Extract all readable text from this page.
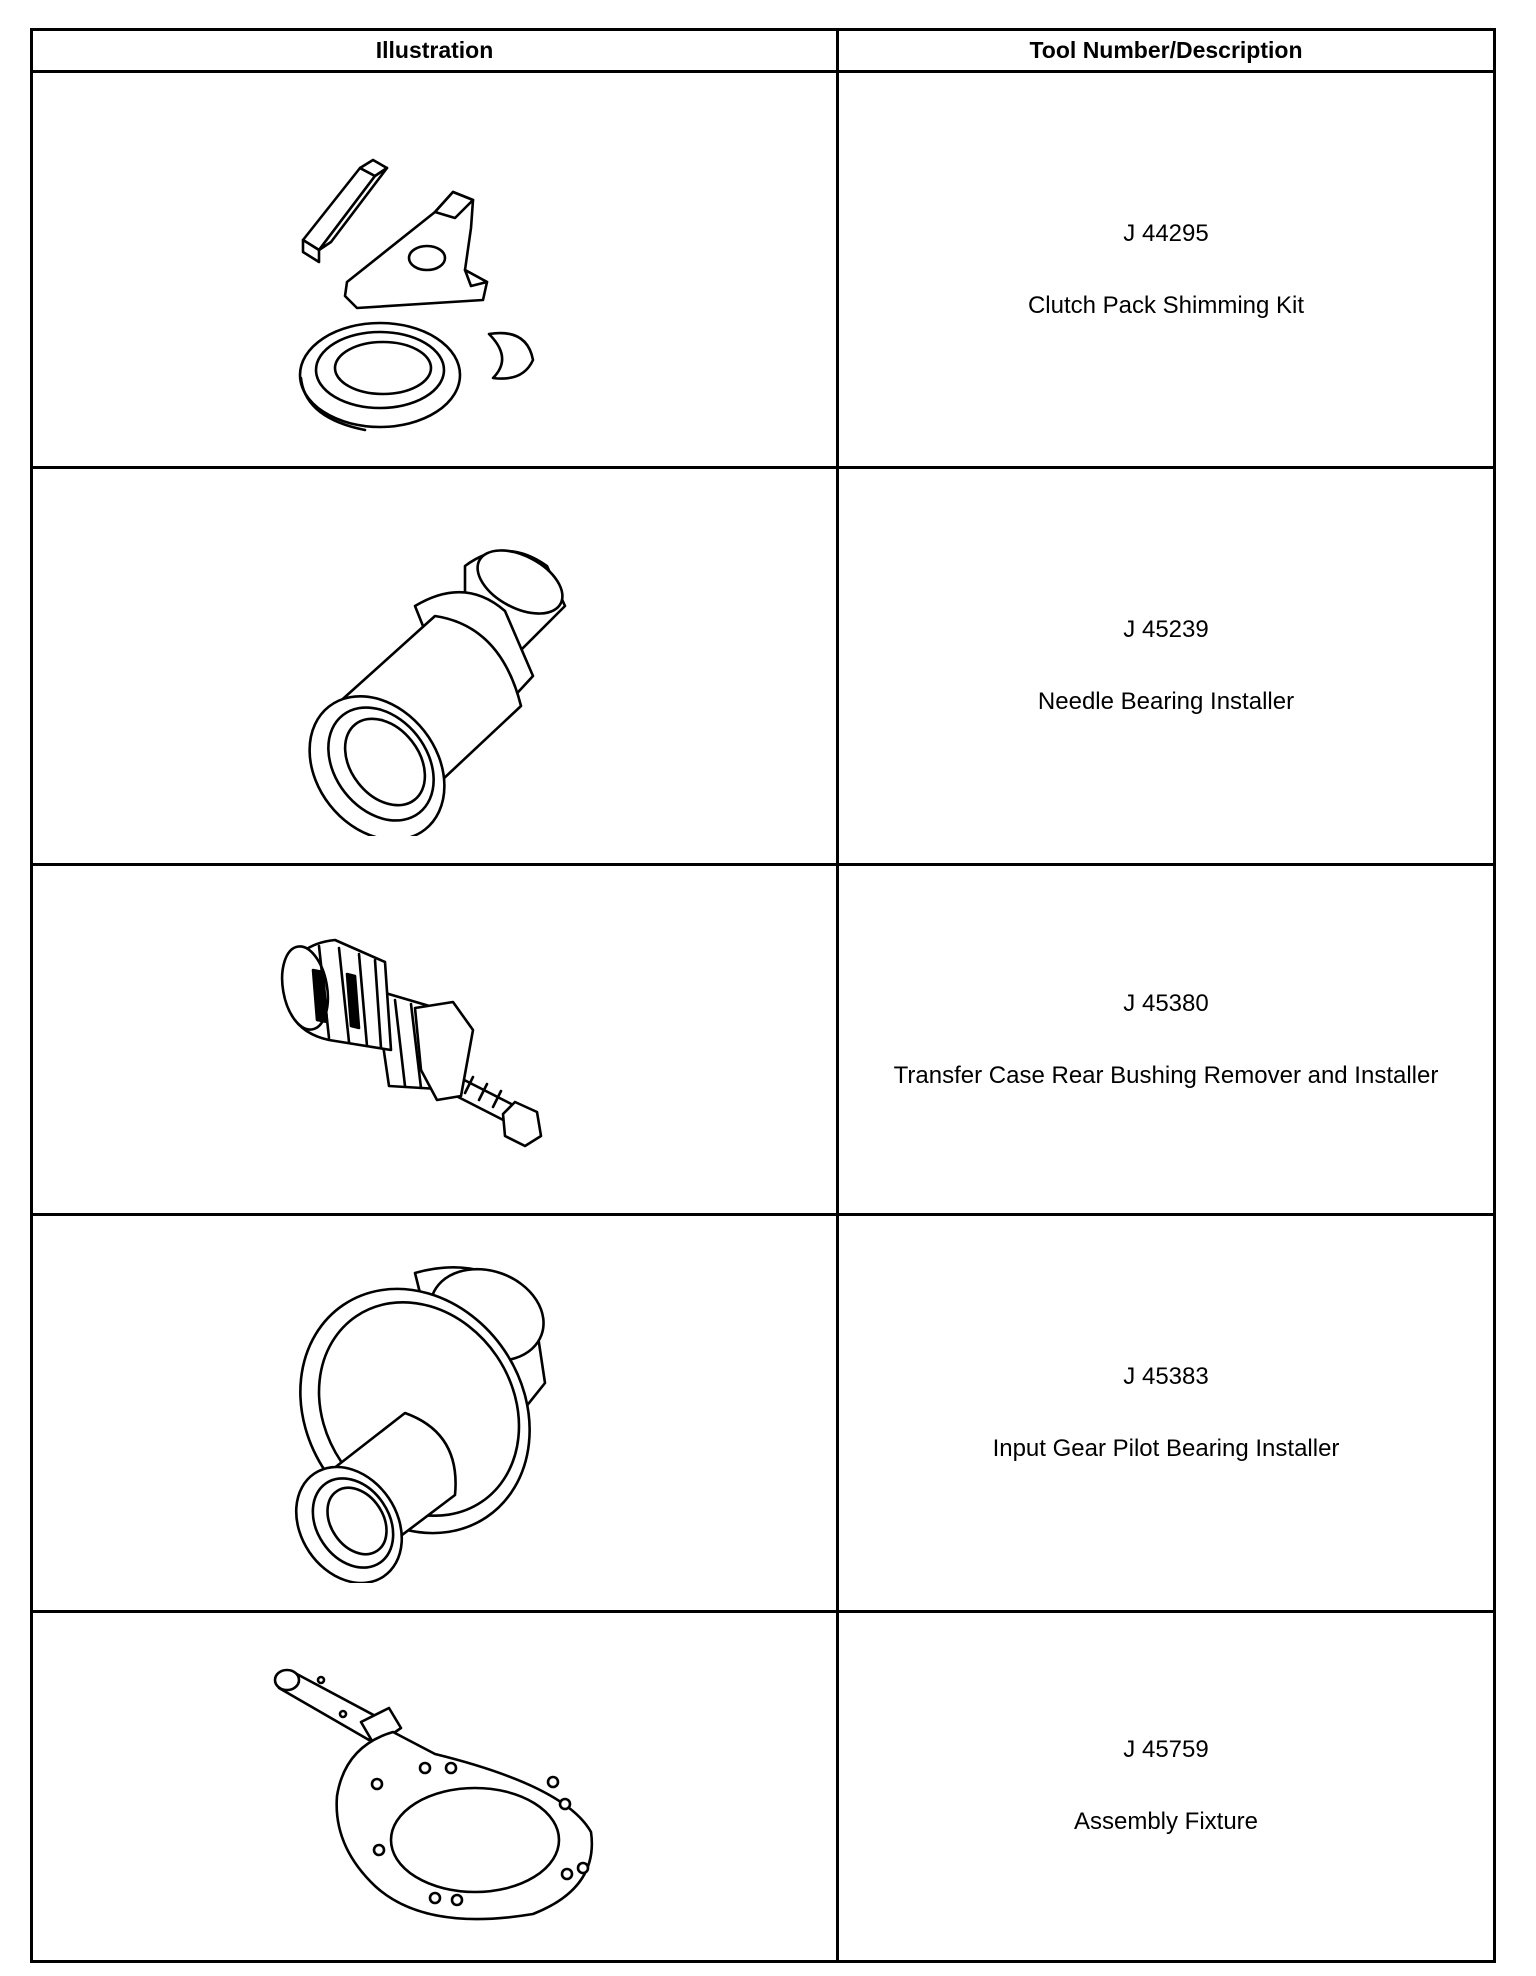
Illustration	Tool Number/Description

J 44295
Clutch Pack Shimming Kit

J 45239
Needle Bearing Installer

J 45380
Transfer Case Rear Bushing Remover and Installer

J 45383
Input Gear Pilot Bearing Installer

J 45759
Assembly Fixture
